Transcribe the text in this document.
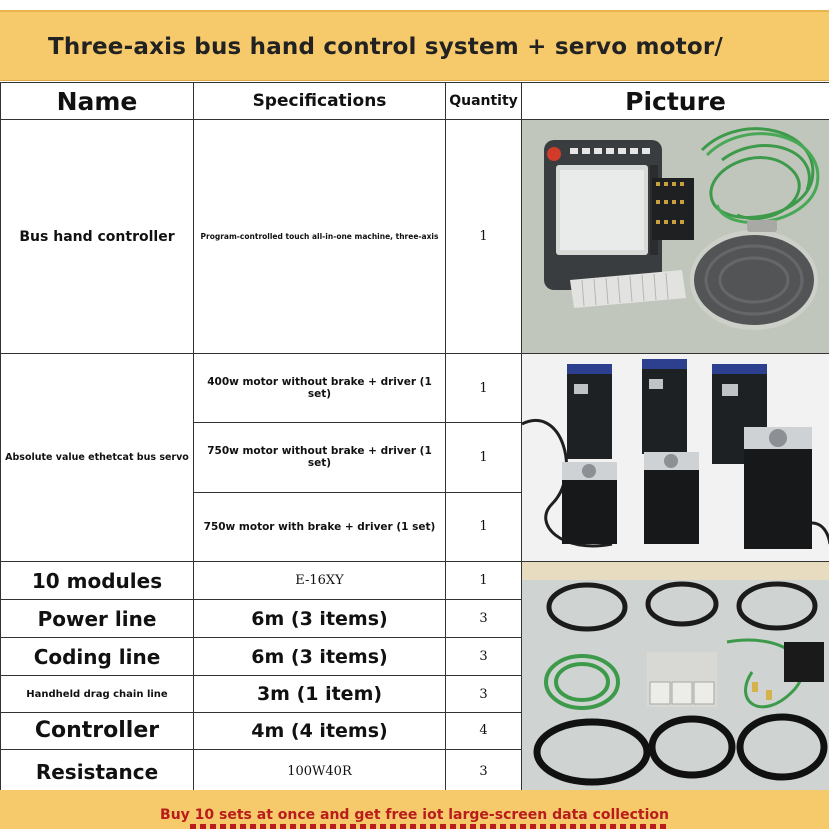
Three-axis bus hand control system + servo motor/
Name	Specifications	Quantity	Picture
Bus hand controller	Program-controlled touch all-in-one machine, three-axis	1	

Absolute value ethetcat bus servo	400w motor without brake + driver (1 set)	1	

	750w motor without brake + driver (1 set)	1	
	750w motor with brake + driver (1 set)	1	
10 modules	E-16XY	1	

Power line	6m (3 items)	3	
Coding line	6m (3 items)	3	
Handheld drag chain line	3m (1 item)	3	
Controller	4m (4 items)	4	
Resistance	100W40R	3	
Buy 10 sets at once and get free iot large-screen data collection
